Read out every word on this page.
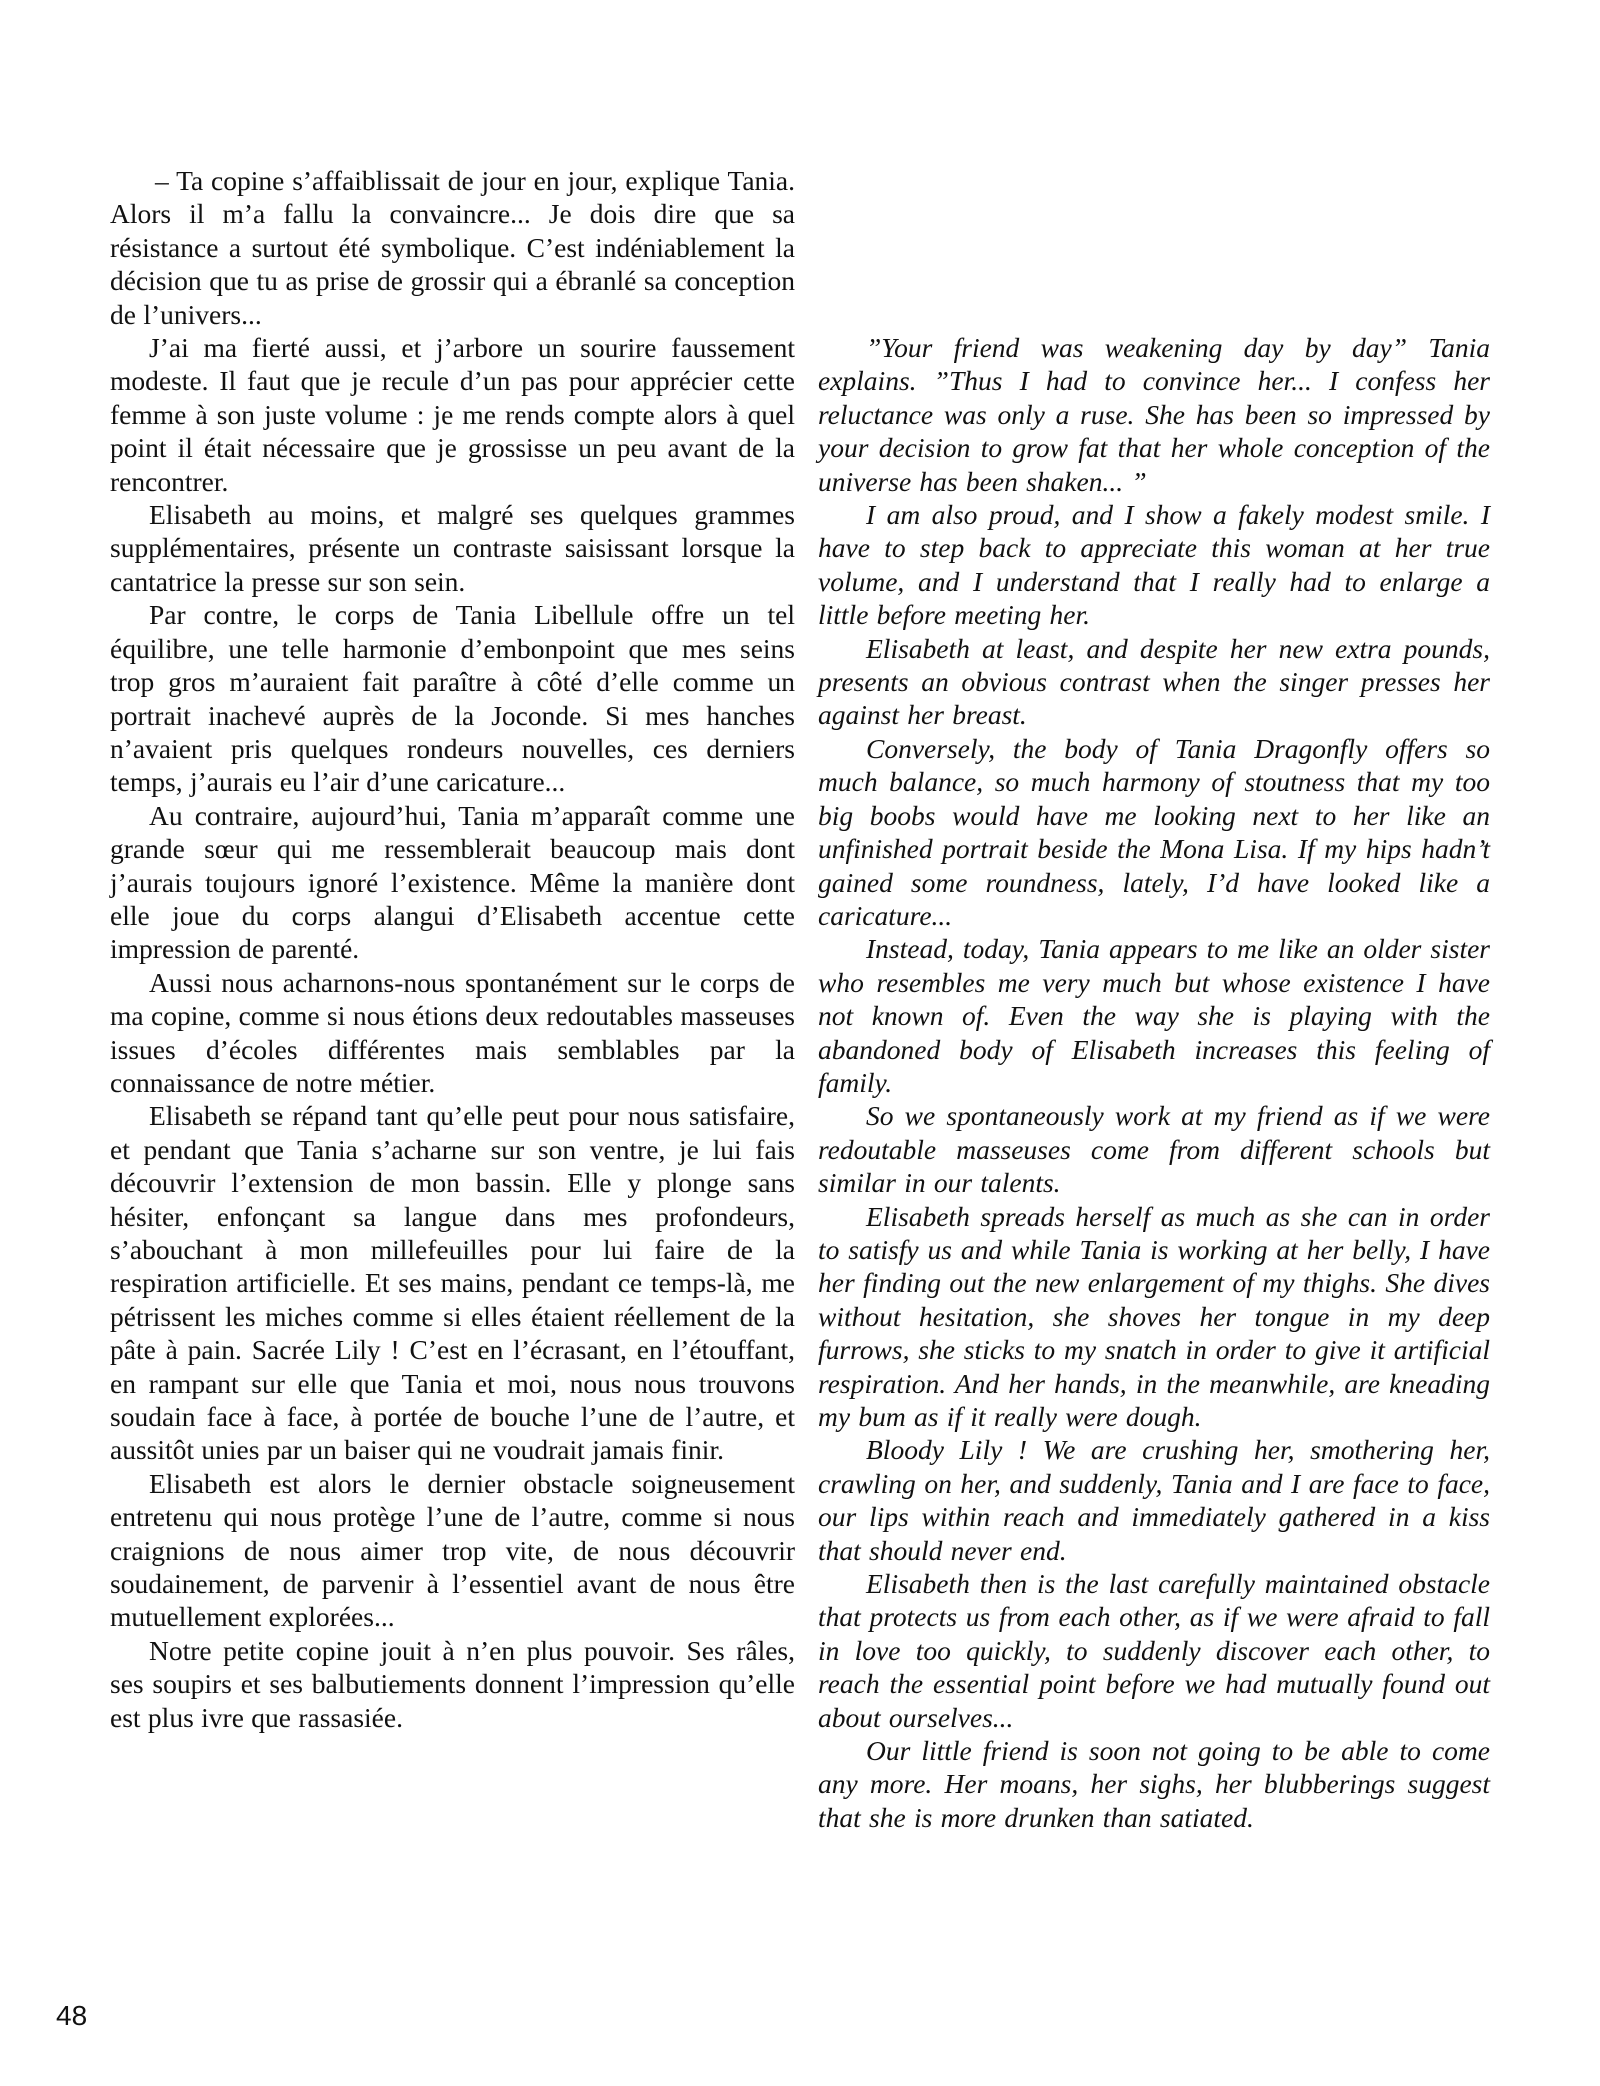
– Ta copine s’affaiblissait de jour en jour, explique Tania. Alors il m’a fallu la convaincre... Je dois dire que sa résistance a surtout été symbolique. C’est indéniablement la décision que tu as prise de grossir qui a ébranlé sa conception de l’univers...

J’ai ma fierté aussi, et j’arbore un sourire faussement modeste. Il faut que je recule d’un pas pour apprécier cette femme à son juste volume : je me rends compte alors à quel point il était nécessaire que je grossisse un peu avant de la rencontrer.

Elisabeth au moins, et malgré ses quelques grammes supplémentaires, présente un contraste saisissant lorsque la cantatrice la presse sur son sein.

Par contre, le corps de Tania Libellule offre un tel équilibre, une telle harmonie d’embonpoint que mes seins trop gros m’auraient fait paraître à côté d’elle comme un portrait inachevé auprès de la Joconde. Si mes hanches n’avaient pris quelques rondeurs nouvelles, ces derniers temps, j’aurais eu l’air d’une caricature...

Au contraire, aujourd’hui, Tania m’apparaît comme une grande sœur qui me ressemblerait beaucoup mais dont j’aurais toujours ignoré l’existence. Même la manière dont elle joue du corps alangui d’Elisabeth accentue cette impression de parenté.

Aussi nous acharnons-nous spontanément sur le corps de ma copine, comme si nous étions deux redoutables masseuses issues d’écoles différentes mais semblables par la connaissance de notre métier.

Elisabeth se répand tant qu’elle peut pour nous satisfaire, et pendant que Tania s’acharne sur son ventre, je lui fais découvrir l’extension de mon bassin. Elle y plonge sans hésiter, enfonçant sa langue dans mes profondeurs, s’abouchant à mon millefeuilles pour lui faire de la respiration artificielle. Et ses mains, pendant ce temps-là, me pétrissent les miches comme si elles étaient réellement de la pâte à pain. Sacrée Lily ! C’est en l’écrasant, en l’étouffant, en rampant sur elle que Tania et moi, nous nous trouvons soudain face à face, à portée de bouche l’une de l’autre, et aussitôt unies par un baiser qui ne voudrait jamais finir.

Elisabeth est alors le dernier obstacle soigneusement entretenu qui nous protège l’une de l’autre, comme si nous craignions de nous aimer trop vite, de nous découvrir soudainement, de parvenir à l’essentiel avant de nous être mutuellement explorées...

Notre petite copine jouit à n’en plus pouvoir. Ses râles, ses soupirs et ses balbutiements donnent l’impression qu’elle est plus ivre que rassasiée.

”Your friend was weakening day by day” Tania explains. ”Thus I had to convince her... I confess her reluctance was only a ruse. She has been so impressed by your decision to grow fat that her whole conception of the universe has been shaken... ”

I am also proud, and I show a fakely modest smile. I have to step back to appreciate this woman at her true volume, and I understand that I really had to enlarge a little before meeting her.

Elisabeth at least, and despite her new extra pounds, presents an obvious contrast when the singer presses her against her breast.

Conversely, the body of Tania Dragonfly offers so much balance, so much harmony of stoutness that my too big boobs would have me looking next to her like an unfinished portrait beside the Mona Lisa. If my hips hadn’t gained some roundness, lately, I’d have looked like a caricature...

Instead, today, Tania appears to me like an older sister who resembles me very much but whose existence I have not known of. Even the way she is playing with the abandoned body of Elisabeth increases this feeling of family.

So we spontaneously work at my friend as if we were redoutable masseuses come from different schools but similar in our talents.

Elisabeth spreads herself as much as she can in order to satisfy us and while Tania is working at her belly, I have her finding out the new enlargement of my thighs. She dives without hesitation, she shoves her tongue in my deep furrows, she sticks to my snatch in order to give it artificial respiration. And her hands, in the meanwhile, are kneading my bum as if it really were dough.

Bloody Lily ! We are crushing her, smothering her, crawling on her, and suddenly, Tania and I are face to face, our lips within reach and immediately gathered in a kiss that should never end.

Elisabeth then is the last carefully maintained obstacle that protects us from each other, as if we were afraid to fall in love too quickly, to suddenly discover each other, to reach the essential point before we had mutually found out about ourselves...

Our little friend is soon not going to be able to come any more. Her moans, her sighs, her blubberings suggest that she is more drunken than satiated.

48
